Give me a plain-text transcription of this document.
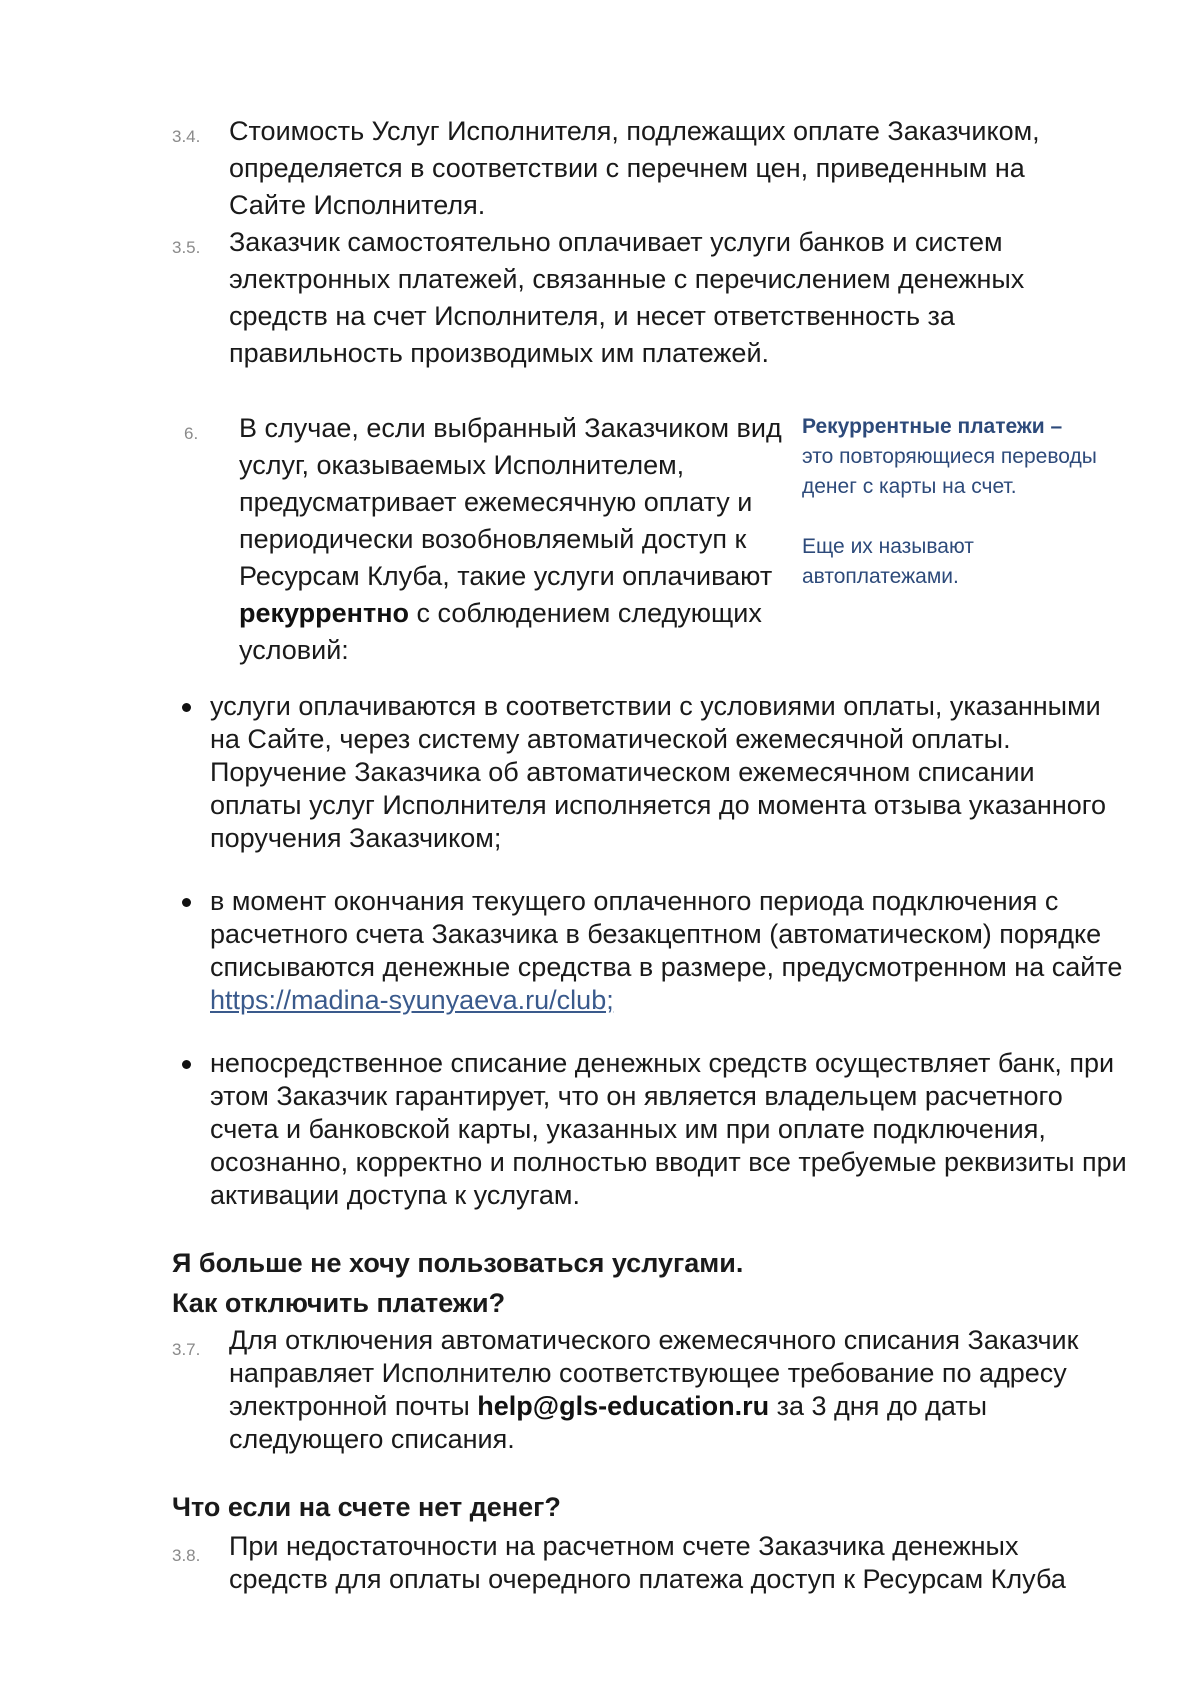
3.4. Стоимость Услуг Исполнителя, подлежащих оплате Заказчиком, определяется в соответствии с перечнем цен, приведенным на Сайте Исполнителя.

3.5. Заказчик самостоятельно оплачивает услуги банков и систем электронных платежей, связанные с перечислением денежных средств на счет Исполнителя, и несет ответственность за правильность производимых им платежей.

6. В случае, если выбранный Заказчиком вид услуг, оказываемых Исполнителем, предусматривает ежемесячную оплату и периодически возобновляемый доступ к Ресурсам Клуба, такие услуги оплачивают рекуррентно с соблюдением следующих условий:

Рекуррентные платежи –
это повторяющиеся переводы денег с карты на счет.
Еще их называют автоплатежами.
услуги оплачиваются в соответствии с условиями оплаты, указанными на Сайте, через систему автоматической ежемесячной оплаты. Поручение Заказчика об автоматическом ежемесячном списании оплаты услуг Исполнителя исполняется до момента отзыва указанного поручения Заказчиком;
в момент окончания текущего оплаченного периода подключения с расчетного счета Заказчика в безакцептном (автоматическом) порядке списываются денежные средства в размере, предусмотренном на сайте https://madina-syunyaeva.ru/club;
непосредственное списание денежных средств осуществляет банк, при этом Заказчик гарантирует, что он является владельцем расчетного счета и банковской карты, указанных им при оплате подключения, осознанно, корректно и полностью вводит все требуемые реквизиты при активации доступа к услугам.
Я больше не хочу пользоваться услугами.
Как отключить платежи?
3.7. Для отключения автоматического ежемесячного списания Заказчик направляет Исполнителю соответствующее требование по адресу электронной почты help@gls-education.ru за 3 дня до даты следующего списания.

Что если на счете нет денег?
3.8. При недостаточности на расчетном счете Заказчика денежных средств для оплаты очередного платежа доступ к Ресурсам Клуба
